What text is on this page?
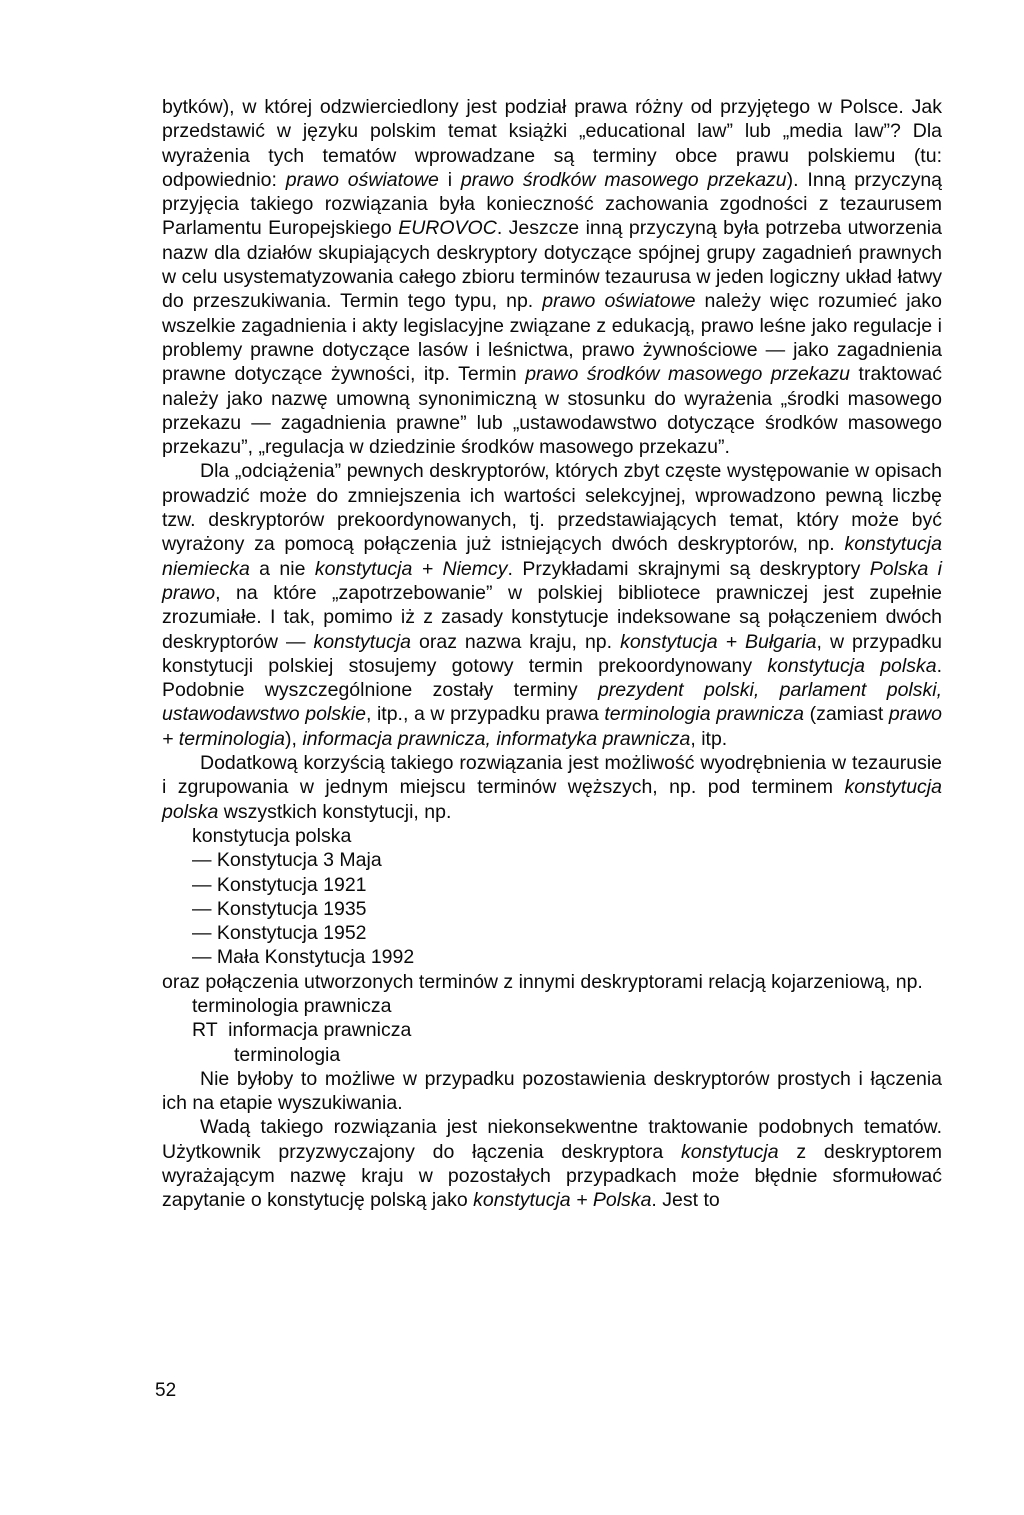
bytków), w której odzwierciedlony jest podział prawa różny od przyjętego w Polsce. Jak przedstawić w języku polskim temat książki „educational law” lub „media law”? Dla wyrażenia tych tematów wprowadzane są terminy obce prawu polskiemu (tu: odpowiednio: prawo oświatowe i prawo środków masowego przekazu). Inną przyczyną przyjęcia takiego rozwiązania była konieczność zachowania zgodności z tezaurusem Parlamentu Europejskiego EUROVOC. Jeszcze inną przyczyną była potrzeba utworzenia nazw dla działów skupiających deskryptory dotyczące spójnej grupy zagadnień prawnych w celu usystematyzowania całego zbioru terminów tezaurusa w jeden logiczny układ łatwy do przeszukiwania. Termin tego typu, np. prawo oświatowe należy więc rozumieć jako wszelkie zagadnienia i akty legislacyjne związane z edukacją, prawo leśne jako regulacje i problemy prawne dotyczące lasów i leśnictwa, prawo żywnościowe — jako zagadnienia prawne dotyczące żywności, itp. Termin prawo środków masowego przekazu traktować należy jako nazwę umowną synonimiczną w stosunku do wyrażenia „środki masowego przekazu — zagadnienia prawne” lub „ustawodawstwo dotyczące środków masowego przekazu”, „regulacja w dziedzinie środków masowego przekazu”.

Dla „odciążenia” pewnych deskryptorów, których zbyt częste występowanie w opisach prowadzić może do zmniejszenia ich wartości selekcyjnej, wprowadzono pewną liczbę tzw. deskryptorów prekoordynowanych, tj. przedstawiających temat, który może być wyrażony za pomocą połączenia już istniejących dwóch deskryptorów, np. konstytucja niemiecka a nie konstytucja + Niemcy. Przykładami skrajnymi są deskryptory Polska i prawo, na które „zapotrzebowanie” w polskiej bibliotece prawniczej jest zupełnie zrozumiałe. I tak, pomimo iż z zasady konstytucje indeksowane są połączeniem dwóch deskryptorów — konstytucja oraz nazwa kraju, np. konstytucja + Bułgaria, w przypadku konstytucji polskiej stosujemy gotowy termin prekoordynowany konstytucja polska. Podobnie wyszczególnione zostały terminy prezydent polski, parlament polski, ustawodawstwo polskie, itp., a w przypadku prawa terminologia prawnicza (zamiast prawo + terminologia), informacja prawnicza, informatyka prawnicza, itp.

Dodatkową korzyścią takiego rozwiązania jest możliwość wyodrębnienia w tezaurusie i zgrupowania w jednym miejscu terminów węższych, np. pod terminem konstytucja polska wszystkich konstytucji, np.

konstytucja polska

— Konstytucja 3 Maja

— Konstytucja 1921

— Konstytucja 1935

— Konstytucja 1952

— Mała Konstytucja 1992

oraz połączenia utworzonych terminów z innymi deskryptorami relacją kojarzeniową, np.

terminologia prawnicza

RT informacja prawnicza

terminologia

Nie byłoby to możliwe w przypadku pozostawienia deskryptorów prostych i łączenia ich na etapie wyszukiwania.

Wadą takiego rozwiązania jest niekonsekwentne traktowanie podobnych tematów. Użytkownik przyzwyczajony do łączenia deskryptora konstytucja z deskryptorem wyrażającym nazwę kraju w pozostałych przypadkach może błędnie sformułować zapytanie o konstytucję polską jako konstytucja + Polska. Jest to

52
